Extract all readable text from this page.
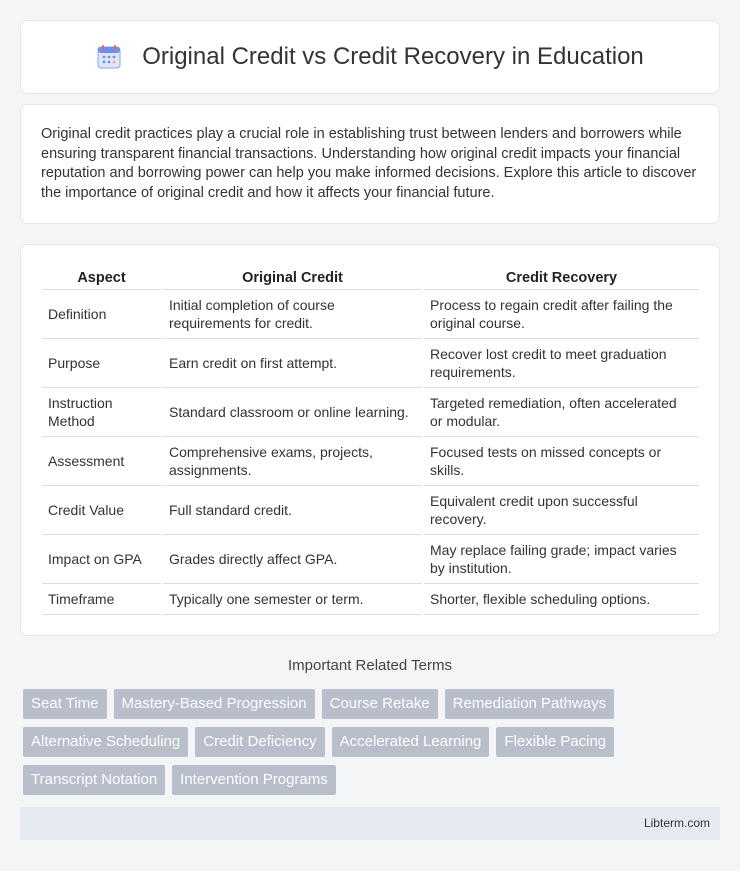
Original Credit vs Credit Recovery in Education

Original credit practices play a crucial role in establishing trust between lenders and borrowers while ensuring transparent financial transactions. Understanding how original credit impacts your financial reputation and borrowing power can help you make informed decisions. Explore this article to discover the importance of original credit and how it affects your financial future.

Aspect	Original Credit	Credit Recovery
Definition	Initial completion of course requirements for credit.	Process to regain credit after failing the original course.
Purpose	Earn credit on first attempt.	Recover lost credit to meet graduation requirements.
Instruction Method	Standard classroom or online learning.	Targeted remediation, often accelerated or modular.
Assessment	Comprehensive exams, projects, assignments.	Focused tests on missed concepts or skills.
Credit Value	Full standard credit.	Equivalent credit upon successful recovery.
Impact on GPA	Grades directly affect GPA.	May replace failing grade; impact varies by institution.
Timeframe	Typically one semester or term.	Shorter, flexible scheduling options.
Important Related Terms
Seat Time	Mastery-Based Progression	Course Retake	Remediation Pathways
Alternative Scheduling	Credit Deficiency	Accelerated Learning	Flexible Pacing
Transcript Notation	Intervention Programs
Libterm.com
